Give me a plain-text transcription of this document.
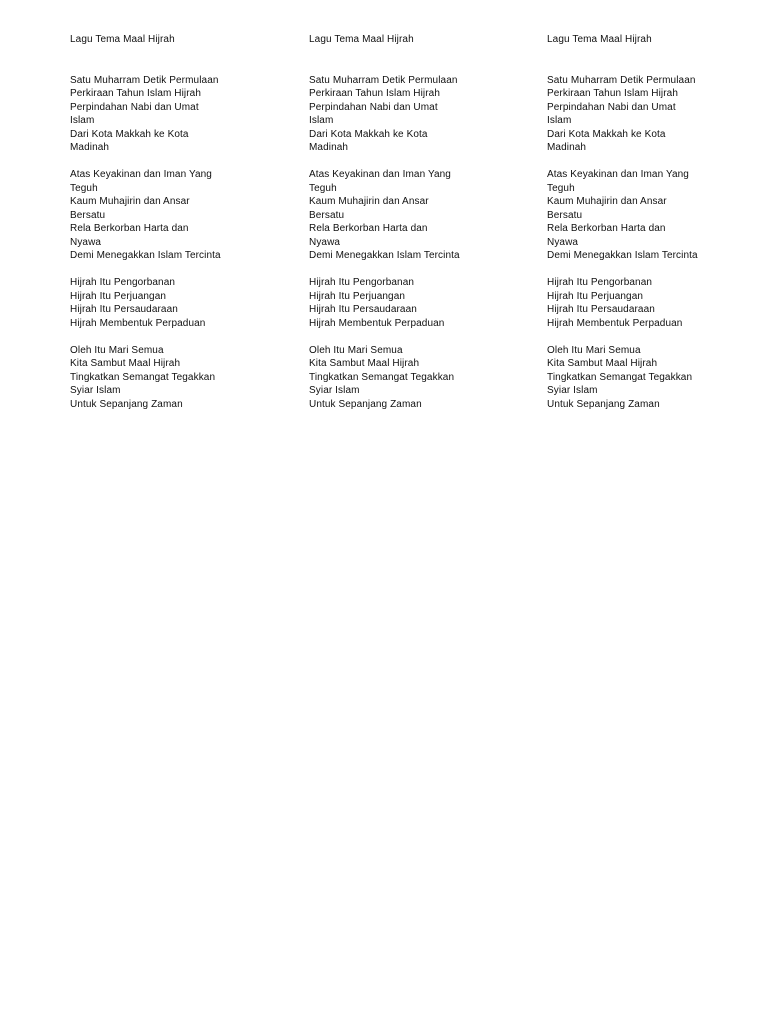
Lagu Tema Maal Hijrah
Satu Muharram Detik Permulaan
Perkiraan Tahun Islam Hijrah
Perpindahan Nabi dan Umat
Islam
Dari Kota Makkah ke Kota
Madinah
Atas Keyakinan dan Iman Yang
Teguh
Kaum Muhajirin dan Ansar
Bersatu
Rela Berkorban Harta dan
Nyawa
Demi Menegakkan Islam Tercinta
Hijrah Itu Pengorbanan
Hijrah Itu Perjuangan
Hijrah Itu Persaudaraan
Hijrah Membentuk Perpaduan
Oleh Itu Mari Semua
Kita Sambut Maal Hijrah
Tingkatkan Semangat Tegakkan
Syiar Islam
Untuk Sepanjang Zaman
Lagu Tema Maal Hijrah
Satu Muharram Detik Permulaan
Perkiraan Tahun Islam Hijrah
Perpindahan Nabi dan Umat
Islam
Dari Kota Makkah ke Kota
Madinah
Atas Keyakinan dan Iman Yang
Teguh
Kaum Muhajirin dan Ansar
Bersatu
Rela Berkorban Harta dan
Nyawa
Demi Menegakkan Islam Tercinta
Hijrah Itu Pengorbanan
Hijrah Itu Perjuangan
Hijrah Itu Persaudaraan
Hijrah Membentuk Perpaduan
Oleh Itu Mari Semua
Kita Sambut Maal Hijrah
Tingkatkan Semangat Tegakkan
Syiar Islam
Untuk Sepanjang Zaman
Lagu Tema Maal Hijrah
Satu Muharram Detik Permulaan
Perkiraan Tahun Islam Hijrah
Perpindahan Nabi dan Umat
Islam
Dari Kota Makkah ke Kota
Madinah
Atas Keyakinan dan Iman Yang
Teguh
Kaum Muhajirin dan Ansar
Bersatu
Rela Berkorban Harta dan
Nyawa
Demi Menegakkan Islam Tercinta
Hijrah Itu Pengorbanan
Hijrah Itu Perjuangan
Hijrah Itu Persaudaraan
Hijrah Membentuk Perpaduan
Oleh Itu Mari Semua
Kita Sambut Maal Hijrah
Tingkatkan Semangat Tegakkan
Syiar Islam
Untuk Sepanjang Zaman
